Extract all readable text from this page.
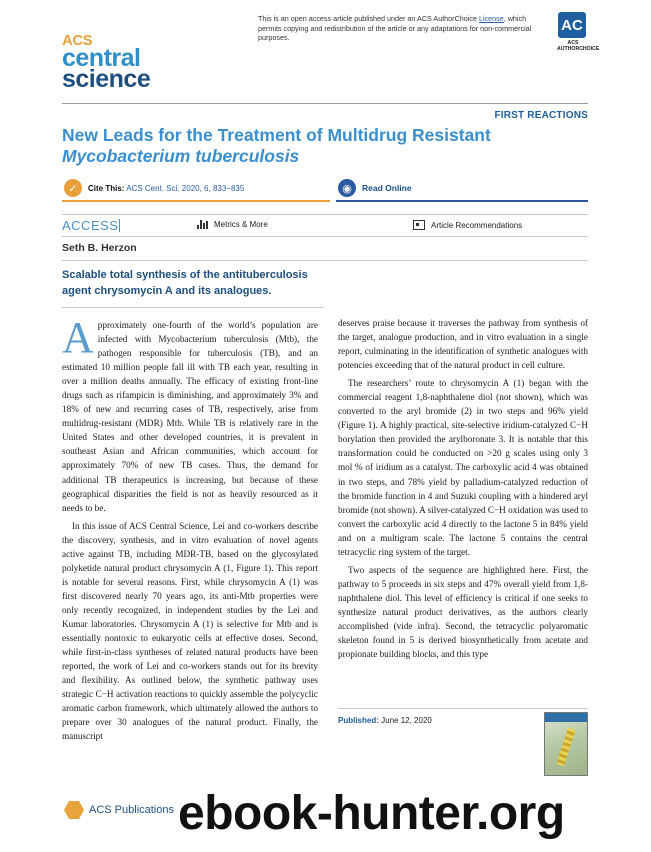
ACS
central
science
This is an open access article published under an ACS AuthorChoice License, which permits copying and redistribution of the article or any adaptations for non-commercial purposes.
AC
ACS AUTHORCHOICE
FIRST REACTIONS
New Leads for the Treatment of Multidrug Resistant
Mycobacterium tuberculosis
✓	Cite This: ACS Cent. Sci. 2020, 6, 833−835	◉	Read Online
ACCESS	Metrics & More	Article Recommendations
Seth B. Herzon
Scalable total synthesis of the antituberculosis agent chrysomycin A and its analogues.

Approximately one-fourth of the world’s population are infected with Mycobacterium tuberculosis (Mtb), the pathogen responsible for tuberculosis (TB), and an estimated 10 million people fall ill with TB each year, resulting in over a million deaths annually. The efficacy of existing front-line drugs such as rifampicin is diminishing, and approximately 3% and 18% of new and recurring cases of TB, respectively, arise from multidrug-resistant (MDR) Mtb. While TB is relatively rare in the United States and other developed countries, it is prevalent in southeast Asian and African communities, which account for approximately 70% of new TB cases. Thus, the demand for additional TB therapeutics is increasing, but because of these geographical disparities the field is not as heavily resourced as it needs to be.

In this issue of ACS Central Science, Lei and co-workers describe the discovery, synthesis, and in vitro evaluation of novel agents active against TB, including MDR-TB, based on the glycosylated polyketide natural product chrysomycin A (1, Figure 1). This report is notable for several reasons. First, while chrysomycin A (1) was first discovered nearly 70 years ago, its anti-Mtb properties were only recently recognized, in independent studies by the Lei and Kumar laboratories. Chrysomycin A (1) is selective for Mtb and is essentially nontoxic to eukaryotic cells at effective doses. Second, while first-in-class syntheses of related natural products have been reported, the work of Lei and co-workers stands out for its brevity and flexibility. As outlined below, the synthetic pathway uses strategic C−H activation reactions to quickly assemble the polycyclic aromatic carbon framework, which ultimately allowed the authors to prepare over 30 analogues of the natural product. Finally, the manuscript

deserves praise because it traverses the pathway from synthesis of the target, analogue production, and in vitro evaluation in a single report, culminating in the identification of synthetic analogues with potencies exceeding that of the natural product in cell culture.

The researchers’ route to chrysomycin A (1) began with the commercial reagent 1,8-naphthalene diol (not shown), which was converted to the aryl bromide (2) in two steps and 96% yield (Figure 1). A highly practical, site-selective iridium-catalyzed C−H borylation then provided the arylboronate 3. It is notable that this transformation could be conducted on >20 g scales using only 3 mol % of iridium as a catalyst. The carboxylic acid 4 was obtained in two steps, and 78% yield by palladium-catalyzed reduction of the bromide function in 4 and Suzuki coupling with a hindered aryl bromide (not shown). A silver-catalyzed C−H oxidation was used to convert the carboxylic acid 4 directly to the lactone 5 in 84% yield and on a multigram scale. The lactone 5 contains the central tetracyclic ring system of the target.

Two aspects of the sequence are highlighted here. First, the pathway to 5 proceeds in six steps and 47% overall yield from 1,8-naphthalene diol. This level of efficiency is critical if one seeks to synthesize natural product derivatives, as the authors clearly accomplished (vide infra). Second, the tetracyclic polyaromatic skeleton found in 5 is derived biosynthetically from acetate and propionate building blocks, and this type

Published: June 12, 2020
ACS Publications ebook-hunter.org
